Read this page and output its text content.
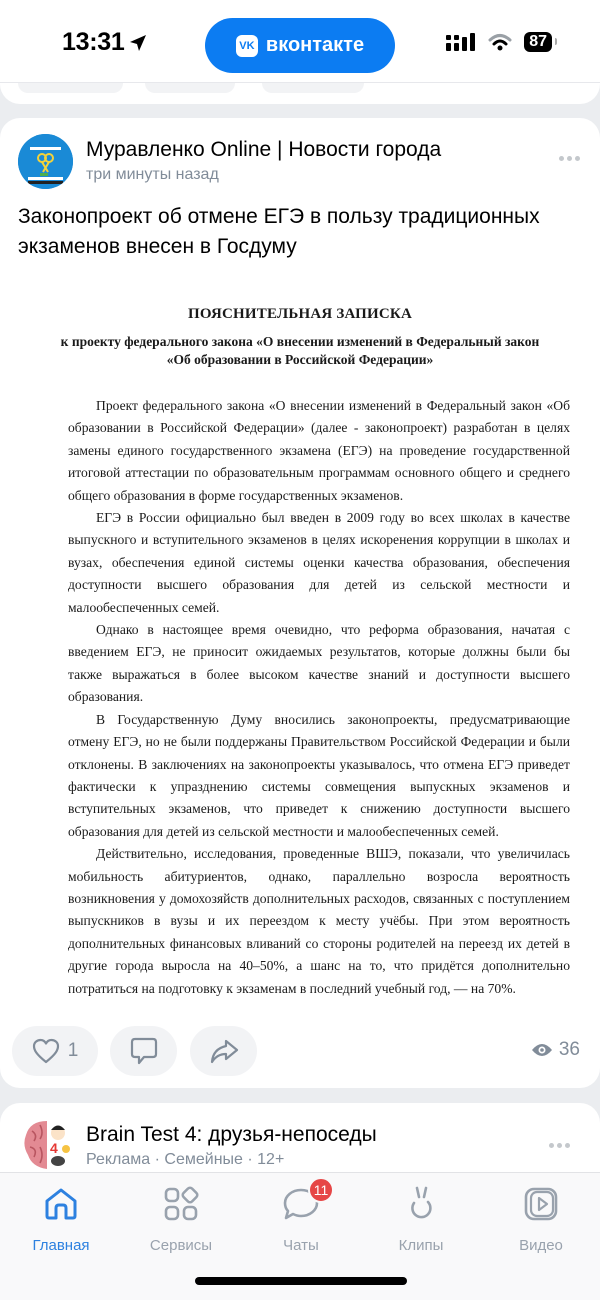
13:31	VK вконтакте	87
Муравленко Online | Новости города
три минуты назад
Законопроект об отмене ЕГЭ в пользу традиционных экзаменов внесен в Госдуму
ПОЯСНИТЕЛЬНАЯ ЗАПИСКА
к проекту федерального закона «О внесении изменений в Федеральный закон «Об образовании в Российской Федерации»

Проект федерального закона «О внесении изменений в Федеральный закон «Об образовании в Российской Федерации» (далее - законопроект) разработан в целях замены единого государственного экзамена (ЕГЭ) на проведение государственной итоговой аттестации по образовательным программам основного общего и среднего общего образования в форме государственных экзаменов.

ЕГЭ в России официально был введен в 2009 году во всех школах в качестве выпускного и вступительного экзаменов в целях искоренения коррупции в школах и вузах, обеспечения единой системы оценки качества образования, обеспечения доступности высшего образования для детей из сельской местности и малообеспеченных семей.

Однако в настоящее время очевидно, что реформа образования, начатая с введением ЕГЭ, не приносит ожидаемых результатов, которые должны были бы также выражаться в более высоком качестве знаний и доступности высшего образования.

В Государственную Думу вносились законопроекты, предусматривающие отмену ЕГЭ, но не были поддержаны Правительством Российской Федерации и были отклонены. В заключениях на законопроекты указывалось, что отмена ЕГЭ приведет фактически к упразднению системы совмещения выпускных экзаменов и вступительных экзаменов, что приведет к снижению доступности высшего образования для детей из сельской местности и малообеспеченных семей.

Действительно, исследования, проведенные ВШЭ, показали, что увеличилась мобильность абитуриентов, однако, параллельно возросла вероятность возникновения у домохозяйств дополнительных расходов, связанных с поступлением выпускников в вузы и их переездом к месту учёбы. При этом вероятность дополнительных финансовых вливаний со стороны родителей на переезд их детей в другие города выросла на 40–50%, а шанс на то, что придётся дополнительно потратиться на подготовку к экзаменам в последний учебный год, — на 70%.

1	36
4
Brain Test 4: друзья-непоседы
Реклама · Семейные · 12+
Главная	Сервисы
11
Чаты	Клипы	Видео
